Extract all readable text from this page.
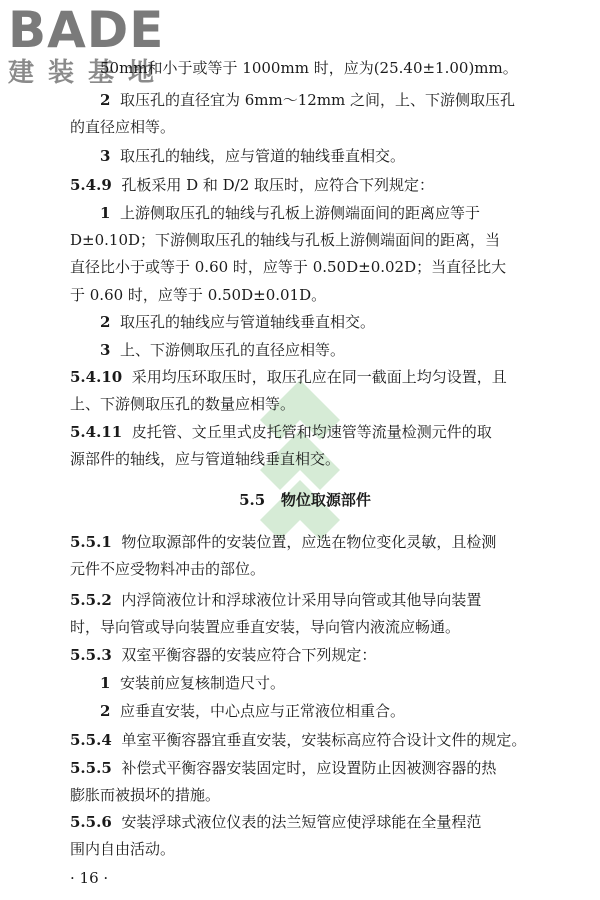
BADE
建装基地
50mm和小于或等于 1000mm 时，应为(25.40±1.00)mm。
2 取压孔的直径宜为 6mm～12mm 之间，上、下游侧取压孔
的直径应相等。
3 取压孔的轴线，应与管道的轴线垂直相交。
5.4.9 孔板采用 D 和 D/2 取压时，应符合下列规定：
1 上游侧取压孔的轴线与孔板上游侧端面间的距离应等于
D±0.10D；下游侧取压孔的轴线与孔板上游侧端面间的距离，当
直径比小于或等于 0.60 时，应等于 0.50D±0.02D；当直径比大
于 0.60 时，应等于 0.50D±0.01D。
2 取压孔的轴线应与管道轴线垂直相交。
3 上、下游侧取压孔的直径应相等。
5.4.10 采用均压环取压时，取压孔应在同一截面上均匀设置，且
上、下游侧取压孔的数量应相等。
5.4.11 皮托管、文丘里式皮托管和均速管等流量检测元件的取
源部件的轴线，应与管道轴线垂直相交。
5.5 物位取源部件
5.5.1 物位取源部件的安装位置，应选在物位变化灵敏，且检测
元件不应受物料冲击的部位。
5.5.2 内浮筒液位计和浮球液位计采用导向管或其他导向装置
时，导向管或导向装置应垂直安装，导向管内液流应畅通。
5.5.3 双室平衡容器的安装应符合下列规定：
1 安装前应复核制造尺寸。
2 应垂直安装，中心点应与正常液位相重合。
5.5.4 单室平衡容器宜垂直安装，安装标高应符合设计文件的规定。
5.5.5 补偿式平衡容器安装固定时，应设置防止因被测容器的热
膨胀而被损坏的措施。
5.5.6 安装浮球式液位仪表的法兰短管应使浮球能在全量程范
围内自由活动。
· 16 ·
